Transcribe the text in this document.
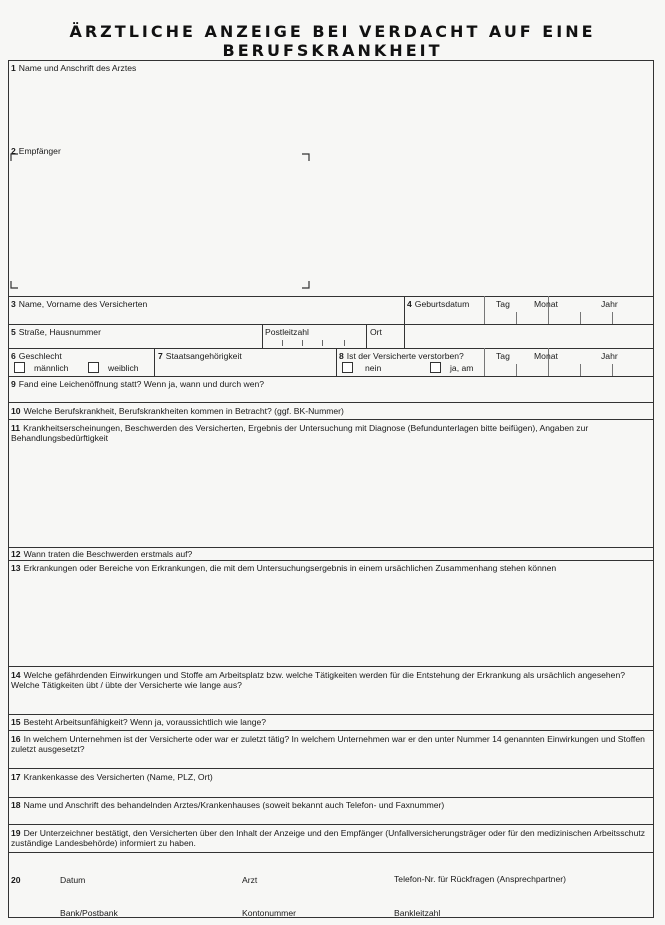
ÄRZTLICHE ANZEIGE BEI VERDACHT AUF EINE
BERUFSKRANKHEIT
1 Name und Anschrift des Arztes
2 Empfänger
3 Name, Vorname des Versicherten	4 Geburtsdatum	Tag	Monat	Jahr
5 Straße, Hausnummer	Postleitzahl	Ort
6 Geschlecht
männlich	weiblich
7 Staatsangehörigkeit	8 Ist der Versicherte verstorben?
nein	ja, am
Tag	Monat	Jahr
9 Fand eine Leichenöffnung statt? Wenn ja, wann und durch wen?
10 Welche Berufskrankheit, Berufskrankheiten kommen in Betracht? (ggf. BK-Nummer)
11 Krankheitserscheinungen, Beschwerden des Versicherten, Ergebnis der Untersuchung mit Diagnose (Befundunterlagen bitte beifügen), Angaben zur Behandlungsbedürftigkeit
12 Wann traten die Beschwerden erstmals auf?
13 Erkrankungen oder Bereiche von Erkrankungen, die mit dem Untersuchungsergebnis in einem ursächlichen Zusammenhang stehen können
14 Welche gefährdenden Einwirkungen und Stoffe am Arbeitsplatz bzw. welche Tätigkeiten werden für die Entstehung der Erkrankung als ursächlich angesehen? Welche Tätigkeiten übt / übte der Versicherte wie lange aus?
15 Besteht Arbeitsunfähigkeit? Wenn ja, voraussichtlich wie lange?
16 In welchem Unternehmen ist der Versicherte oder war er zuletzt tätig? In welchem Unternehmen war er den unter Nummer 14 genannten Einwirkungen und Stoffen zuletzt ausgesetzt?
17 Krankenkasse des Versicherten (Name, PLZ, Ort)
18 Name und Anschrift des behandelnden Arztes/Krankenhauses (soweit bekannt auch Telefon- und Faxnummer)
19 Der Unterzeichner bestätigt, den Versicherten über den Inhalt der Anzeige und den Empfänger (Unfallversicherungsträger oder für den medizinischen Arbeitsschutz zuständige Landesbehörde) informiert zu haben.
20	Datum	Arzt	Telefon-Nr. für Rückfragen (Ansprechpartner)
Bank/Postbank	Kontonummer	Bankleitzahl
